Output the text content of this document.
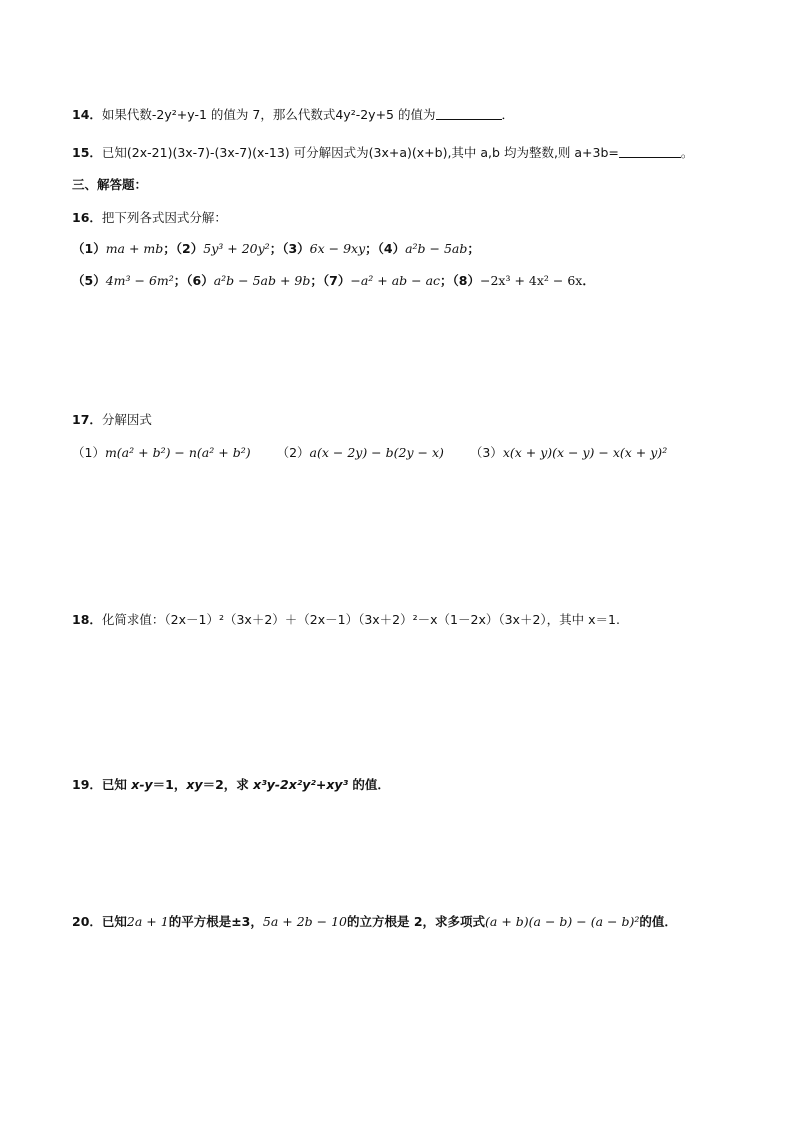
14．如果代数-2y²+y-1 的值为 7，那么代数式4y²-2y+5 的值为	．
15．已知(2x-21)(3x-7)-(3x-7)(x-13) 可分解因式为(3x+a)(x+b),其中 a,b 均为整数,则 a+3b=	。
三、解答题：
16．把下列各式因式分解：
（1）ma + mb；（2）5y³ + 20y²；（3）6x − 9xy；（4）a²b − 5ab；
（5）4m³ − 6m²；（6）a²b − 5ab + 9b；（7）−a² + ab − ac；（8）−2x³ + 4x² − 6x．
17．分解因式
（1）m(a² + b²) − n(a² + b²) （2）a(x − 2y) − b(2y − x) （3）x(x + y)(x − y) − x(x + y)²
18．化简求值：（2x－1）²（3x＋2）＋（2x－1）（3x＋2）²－x（1－2x）（3x＋2），其中 x＝1.
19．已知 x-y＝1，xy＝2，求 x³y-2x²y²+xy³ 的值．
20．已知2a + 1的平方根是±3，5a + 2b − 10的立方根是 2，求多项式(a + b)(a − b) − (a − b)²的值．
